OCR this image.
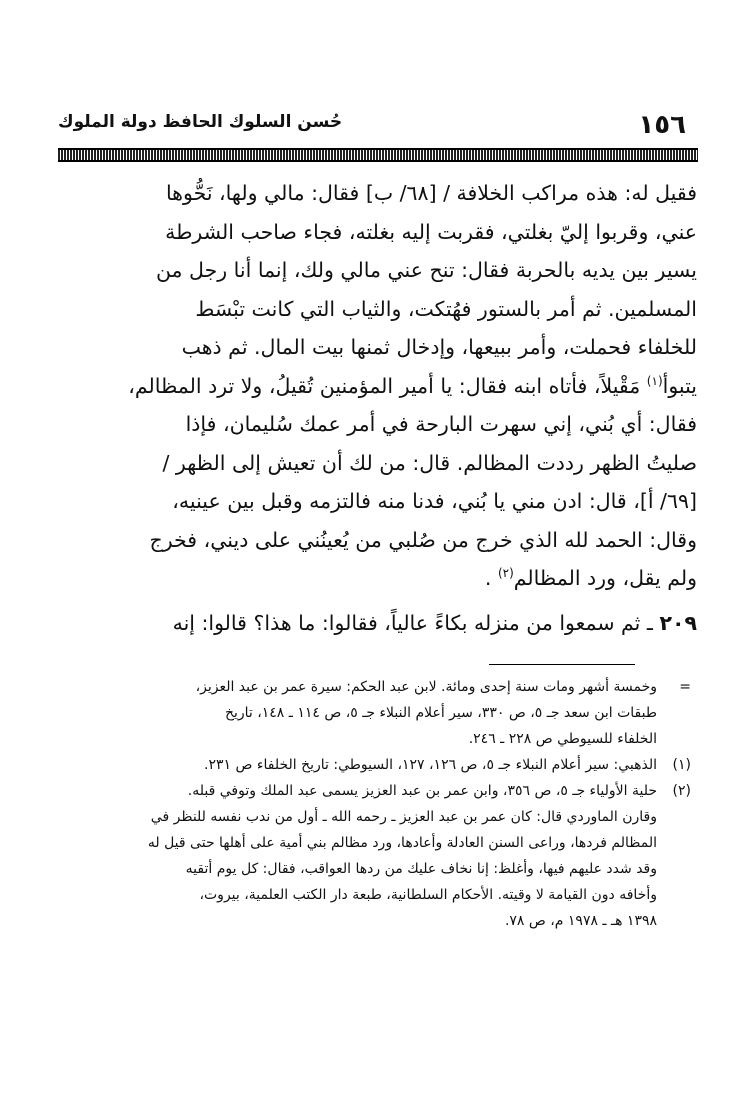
١٥٦
حُسن السلوك الحافظ دولة الملوك

فقيل له: هذه مراكب الخلافة / [٦٨/ ب] فقال: مالي ولها، نَحُّوها

عني، وقربوا إليّ بغلتي، فقربت إليه بغلته، فجاء صاحب الشرطة

يسير بين يديه بالحربة فقال: تنح عني مالي ولك، إنما أنا رجل من

المسلمين. ثم أمر بالستور فهُتكت، والثياب التي كانت تبْسَط

للخلفاء فحملت، وأمر ببيعها، وإدخال ثمنها بيت المال. ثم ذهب

يتبوأ$^{(١)}$ مَقْيلاً، فأتاه ابنه فقال: يا أمير المؤمنين تُقيلُ، ولا ترد المظالم،

فقال: أي بُني، إني سهرت البارحة في أمر عمك سُليمان، فإذا

صليتُ الظهر رددت المظالم. قال: من لك أن تعيش إلى الظهر /

[٦٩/ أ]، قال: ادن مني يا بُني، فدنا منه فالتزمه وقبل بين عينيه،

وقال: الحمد لله الذي خرج من صُلبي من يُعينُني على ديني، فخرج

ولم يقل، ورد المظالم$^{(٢)}$ .

٢٠٩ ـ ثم سمعوا من منزله بكاءً عالياً، فقالوا: ما هذا؟ قالوا: إنه

=
وخمسة أشهر ومات سنة إحدى ومائة. لابن عبد الحكم: سيرة عمر بن عبد العزيز،

طبقات ابن سعد جـ ٥، ص ٣٣٠، سير أعلام النبلاء جـ ٥، ص ١١٤ ـ ١٤٨، تاريخ

الخلفاء للسيوطي ص ٢٢٨ ـ ٢٤٦.

(١)
الذهبي: سير أعلام النبلاء جـ ٥، ص ١٢٦، ١٢٧، السيوطي: تاريخ الخلفاء ص ٢٣١.

(٢)
حلية الأولياء جـ ٥، ص ٣٥٦، وابن عمر بن عبد العزيز يسمى عبد الملك وتوفي قبله.

وقارن الماوردي قال: كان عمر بن عبد العزيز ـ رحمه الله ـ أول من ندب نفسه للنظر في

المظالم فردها، وراعى السنن العادلة وأعادها، ورد مظالم بني أمية على أهلها حتى قيل له

وقد شدد عليهم فيها، وأغلظ: إنا نخاف عليك من ردها العواقب، فقال: كل يوم أتقيه

وأخافه دون القيامة لا وقيته. الأحكام السلطانية، طبعة دار الكتب العلمية، بيروت،

١٣٩٨ هـ ـ ١٩٧٨ م، ص ٧٨.
